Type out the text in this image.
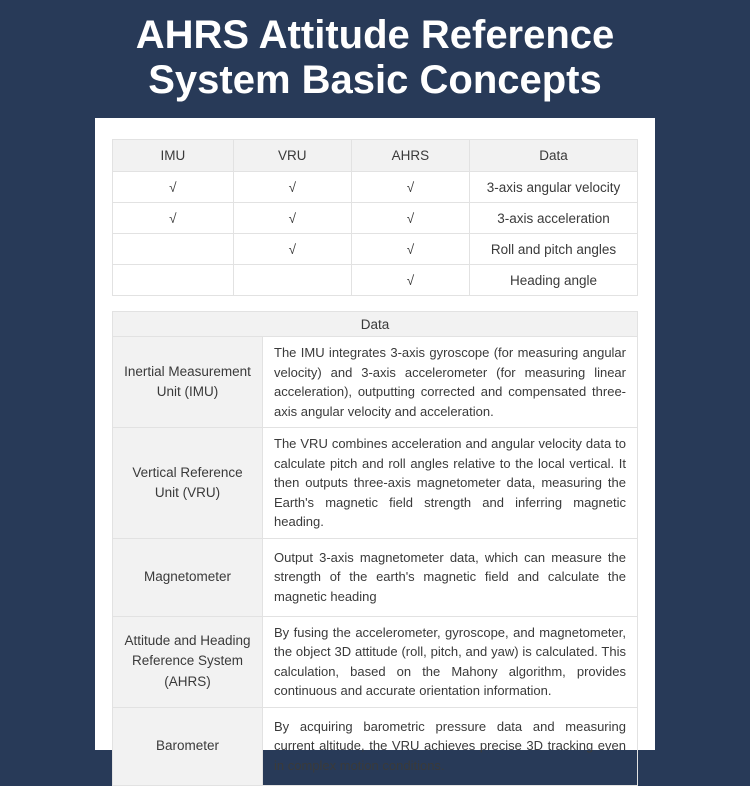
AHRS Attitude Reference
System Basic Concepts
IMU	VRU	AHRS	Data
√	√	√	3-axis angular velocity
√	√	√	3-axis acceleration
	√	√	Roll and pitch angles
		√	Heading angle
Data	
Inertial Measurement Unit (IMU)	The IMU integrates 3-axis gyroscope (for measuring angular velocity) and 3-axis accelerometer (for measuring linear acceleration), outputting corrected and compensated three-axis angular velocity and acceleration.
Vertical Reference Unit (VRU)	The VRU combines acceleration and angular velocity data to calculate pitch and roll angles relative to the local vertical. It then outputs three-axis magnetometer data, measuring the Earth's magnetic field strength and inferring magnetic heading.
Magnetometer	Output 3-axis magnetometer data, which can measure the strength of the earth's magnetic field and calculate the magnetic heading
Attitude and Heading Reference System (AHRS)	By fusing the accelerometer, gyroscope, and magnetometer, the object 3D attitude (roll, pitch, and yaw) is calculated. This calculation, based on the Mahony algorithm, provides continuous and accurate orientation information.
Barometer	By acquiring barometric pressure data and measuring current altitude, the VRU achieves precise 3D tracking even in complex motion conditions.
